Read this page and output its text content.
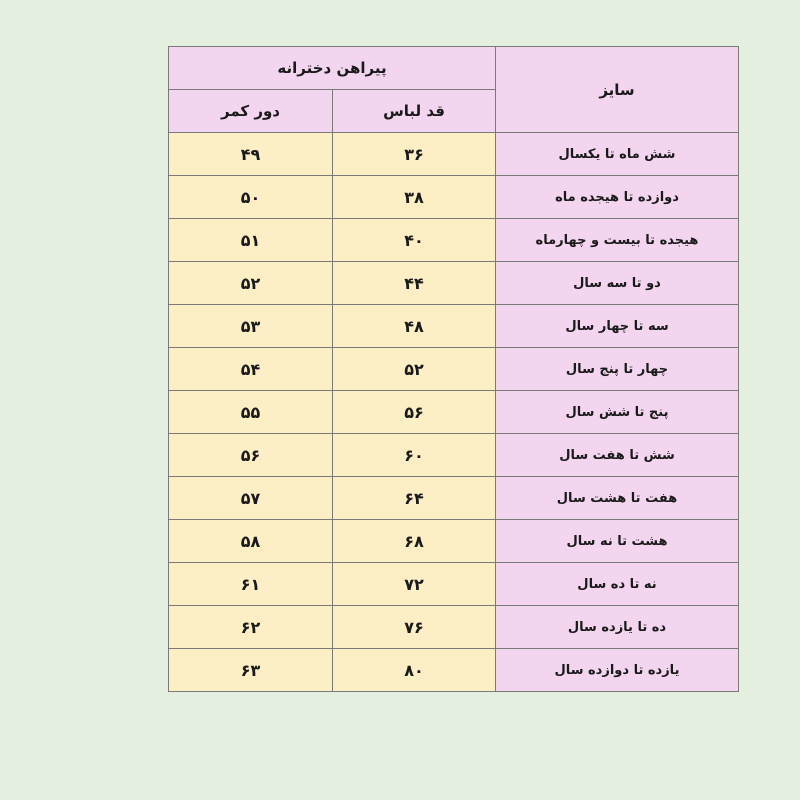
پیراهن دخترانه		سایز
دور کمر	قد لباس	
۴۹	۳۶	شش ماه تا یکسال
۵۰	۳۸	دوازده تا هیجده ماه
۵۱	۴۰	هیجده تا بیست و چهارماه
۵۲	۴۴	دو تا سه سال
۵۳	۴۸	سه تا چهار سال
۵۴	۵۲	چهار تا پنج سال
۵۵	۵۶	پنج تا شش سال
۵۶	۶۰	شش تا هفت سال
۵۷	۶۴	هفت تا هشت سال
۵۸	۶۸	هشت تا نه سال
۶۱	۷۲	نه تا ده سال
۶۲	۷۶	ده تا یازده سال
۶۳	۸۰	یازده تا دوازده سال
